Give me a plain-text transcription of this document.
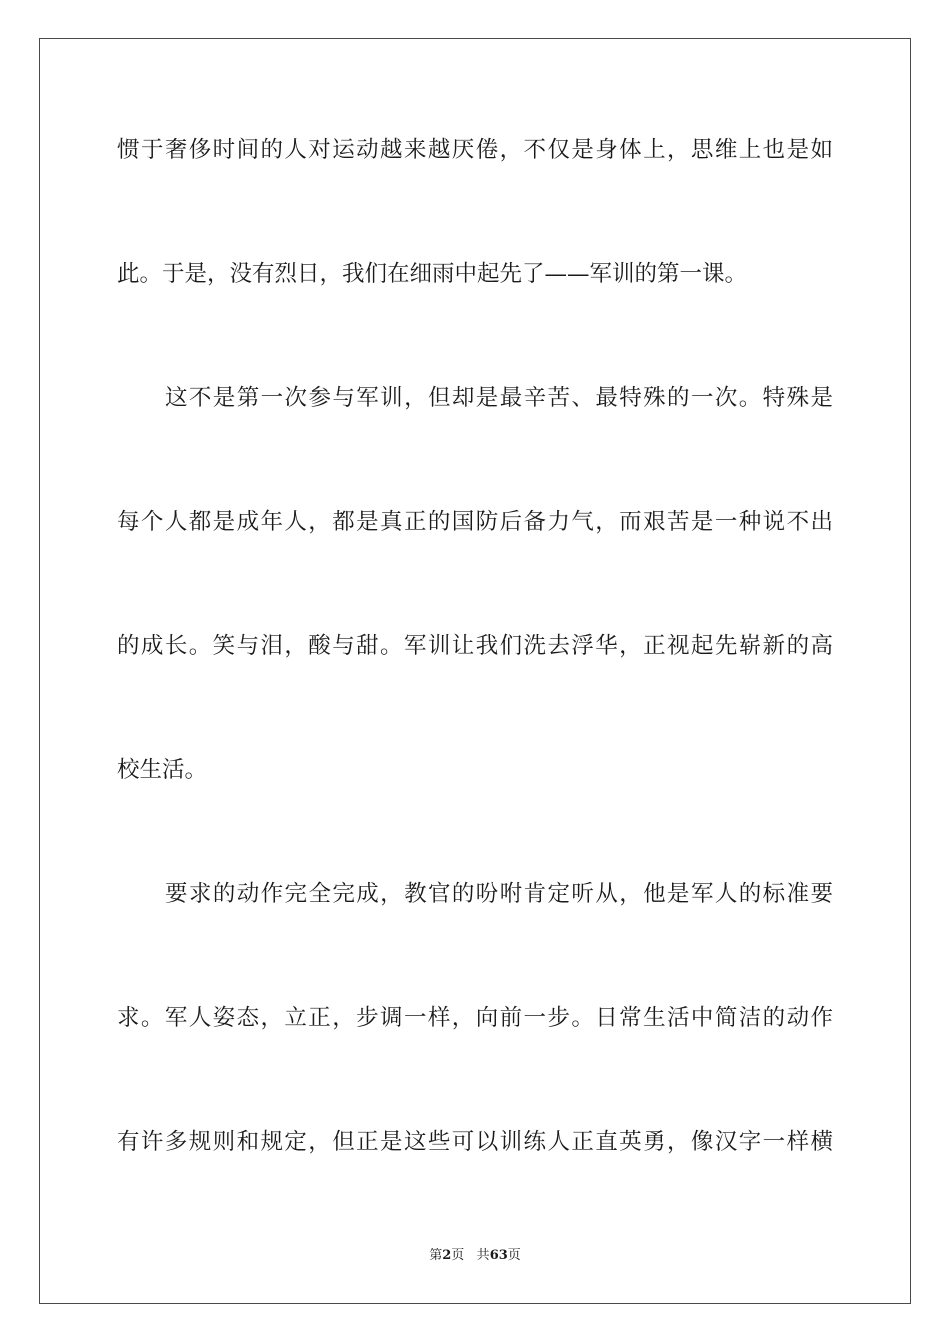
惯于奢侈时间的人对运动越来越厌倦，不仅是身体上，思维上也是如
此。于是，没有烈日，我们在细雨中起先了——军训的第一课。
这不是第一次参与军训，但却是最辛苦、最特殊的一次。特殊是
每个人都是成年人，都是真正的国防后备力气，而艰苦是一种说不出
的成长。笑与泪，酸与甜。军训让我们洗去浮华，正视起先崭新的高
校生活。
要求的动作完全完成，教官的吩咐肯定听从，他是军人的标准要
求。军人姿态，立正，步调一样，向前一步。日常生活中简洁的动作
有许多规则和规定，但正是这些可以训练人正直英勇，像汉字一样横
第2页 共63页
